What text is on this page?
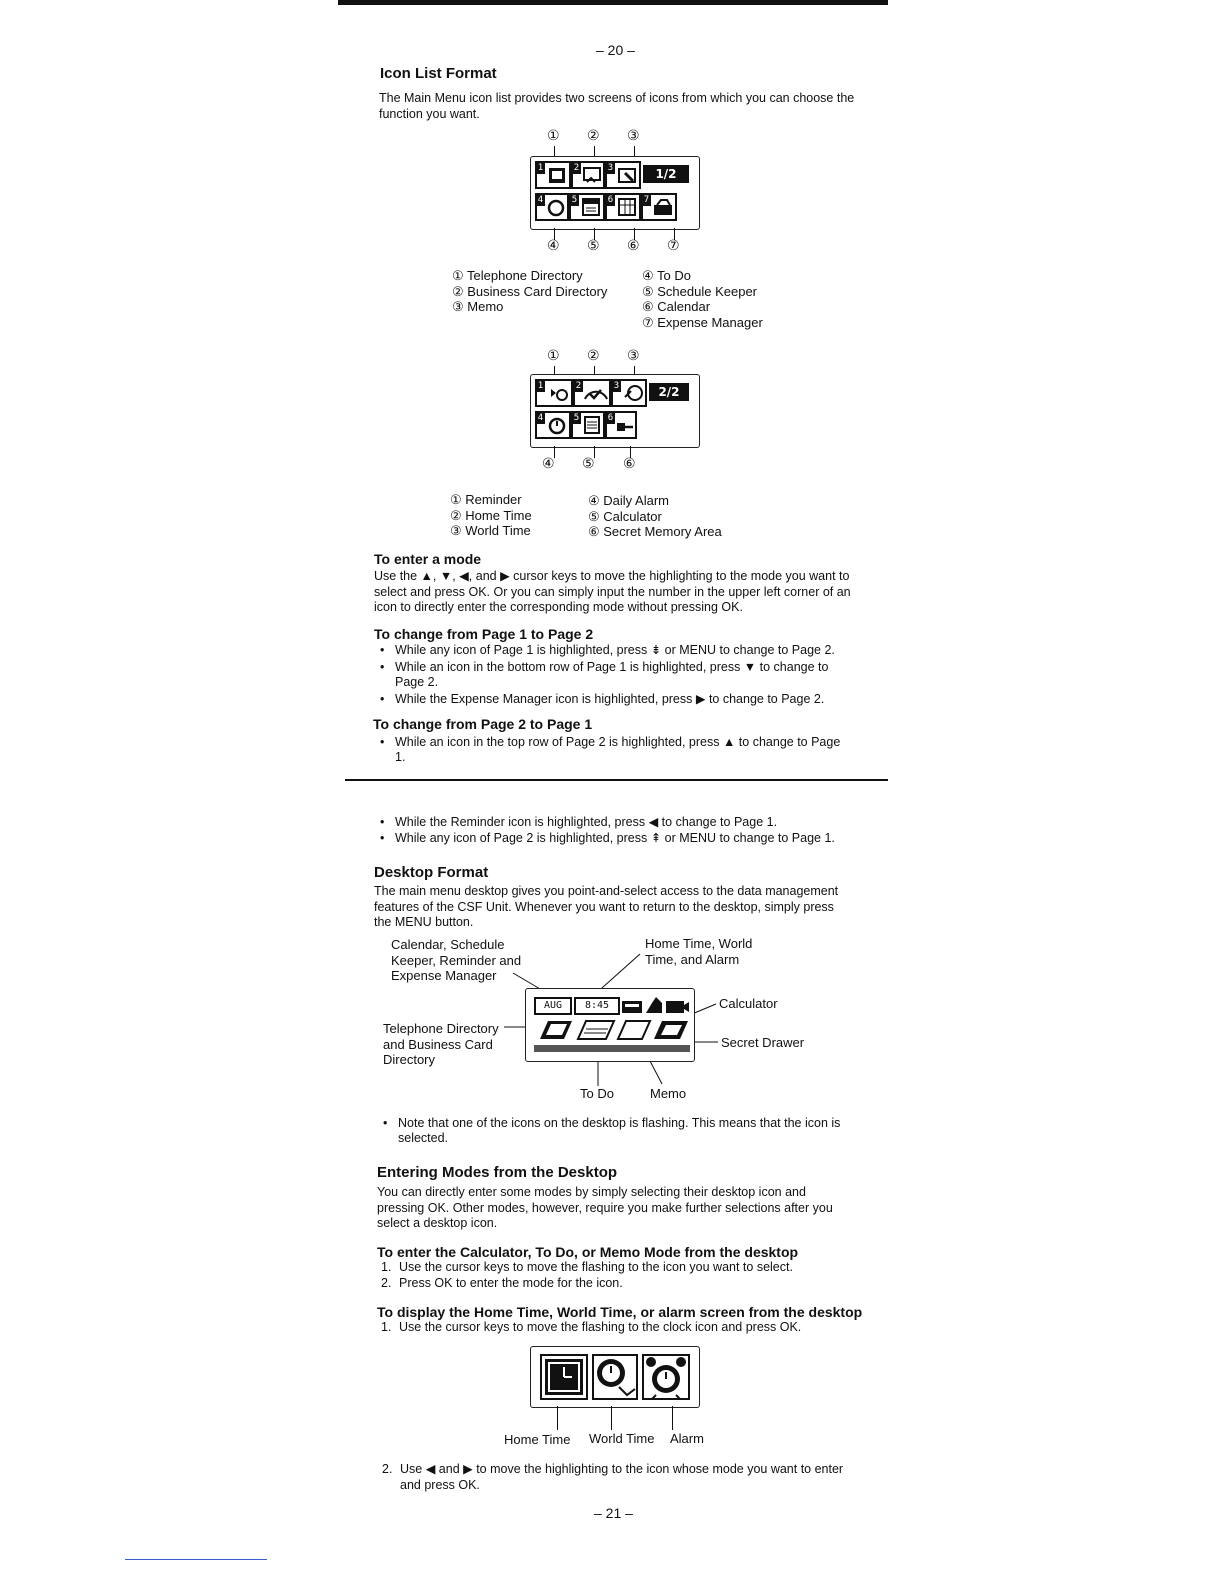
– 20 –
Icon List Format

The Main Menu icon list provides two screens of icons from which you can choose the function you want.

① ② ③
1	2	3	1/2
4	5	6	7
④ ⑤ ⑥ ⑦
① Telephone Directory
② Business Card Directory
③ Memo
④ To Do
⑤ Schedule Keeper
⑥ Calendar
⑦ Expense Manager
① ② ③
1	2	3	2/2
4	5	6
④ ⑤ ⑥
① Reminder
② Home Time
③ World Time
④ Daily Alarm
⑤ Calculator
⑥ Secret Memory Area
To enter a mode

Use the ▲, ▼, ◀, and ▶ cursor keys to move the highlighting to the mode you want to select and press OK. Or you can simply input the number in the upper left corner of an icon to directly enter the corresponding mode without pressing OK.

To change from Page 1 to Page 2
• While any icon of Page 1 is highlighted, press ⇟ or MENU to change to Page 2.
• While an icon in the bottom row of Page 1 is highlighted, press ▼ to change to Page 2.
• While the Expense Manager icon is highlighted, press ▶ to change to Page 2.
To change from Page 2 to Page 1
• While an icon in the top row of Page 2 is highlighted, press ▲ to change to Page 1.
• While the Reminder icon is highlighted, press ◀ to change to Page 1.
• While any icon of Page 2 is highlighted, press ⇞ or MENU to change to Page 1.
Desktop Format

The main menu desktop gives you point-and-select access to the data management features of the CSF Unit. Whenever you want to return to the desktop, simply press the MENU button.

Calendar, Schedule
Keeper, Reminder and
Expense Manager
Home Time, World
Time, and Alarm
Calculator
Telephone Directory
and Business Card
Directory
Secret Drawer
To Do	Memo
AUG	8:45
• Note that one of the icons on the desktop is flashing. This means that the icon is selected.
Entering Modes from the Desktop

You can directly enter some modes by simply selecting their desktop icon and pressing OK. Other modes, however, require you make further selections after you select a desktop icon.

To enter the Calculator, To Do, or Memo Mode from the desktop
1. Use the cursor keys to move the flashing to the icon you want to select.
2. Press OK to enter the mode for the icon.
To display the Home Time, World Time, or alarm screen from the desktop
1. Use the cursor keys to move the flashing to the clock icon and press OK.
Home Time World Time Alarm
2. Use ◀ and ▶ to move the highlighting to the icon whose mode you want to enter and press OK.
– 21 –
